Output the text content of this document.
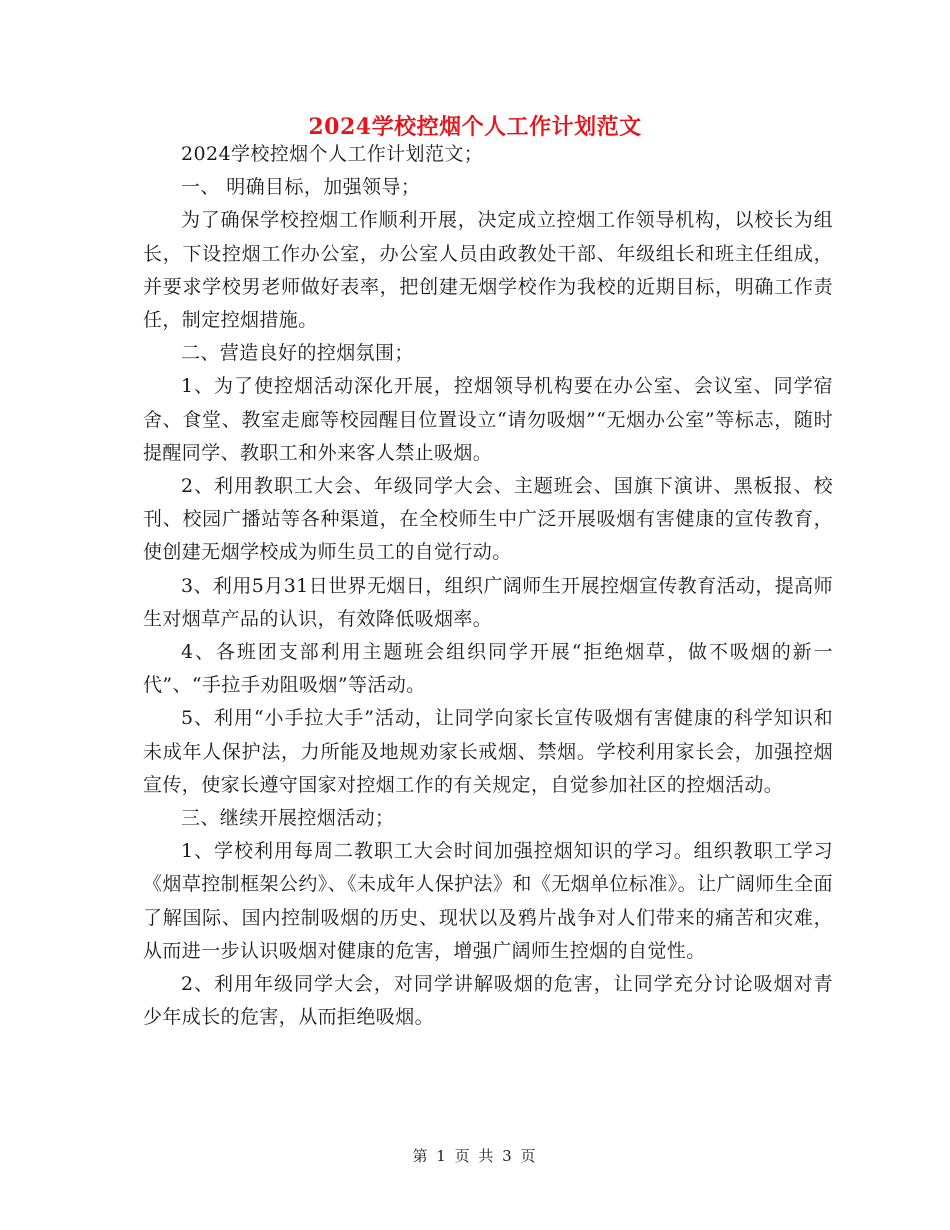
2024学校控烟个人工作计划范文

2024学校控烟个人工作计划范文；

一、 明确目标，加强领导；

为了确保学校控烟工作顺利开展，决定成立控烟工作领导机构，以校长为组长，下设控烟工作办公室，办公室人员由政教处干部、年级组长和班主任组成，并要求学校男老师做好表率，把创建无烟学校作为我校的近期目标，明确工作责任，制定控烟措施。

二、营造良好的控烟氛围；

1、为了使控烟活动深化开展，控烟领导机构要在办公室、会议室、同学宿舍、食堂、教室走廊等校园醒目位置设立“请勿吸烟”“无烟办公室”等标志，随时提醒同学、教职工和外来客人禁止吸烟。

2、利用教职工大会、年级同学大会、主题班会、国旗下演讲、黑板报、校刊、校园广播站等各种渠道，在全校师生中广泛开展吸烟有害健康的宣传教育，使创建无烟学校成为师生员工的自觉行动。

3、利用5月31日世界无烟日，组织广阔师生开展控烟宣传教育活动，提高师生对烟草产品的认识，有效降低吸烟率。

4、各班团支部利用主题班会组织同学开展“拒绝烟草，做不吸烟的新一代”、“手拉手劝阻吸烟”等活动。

5、利用“小手拉大手”活动，让同学向家长宣传吸烟有害健康的科学知识和未成年人保护法，力所能及地规劝家长戒烟、禁烟。学校利用家长会，加强控烟宣传，使家长遵守国家对控烟工作的有关规定，自觉参加社区的控烟活动。

三、继续开展控烟活动；

1、学校利用每周二教职工大会时间加强控烟知识的学习。组织教职工学习《烟草控制框架公约》、《未成年人保护法》和《无烟单位标准》。让广阔师生全面了解国际、国内控制吸烟的历史、现状以及鸦片战争对人们带来的痛苦和灾难，从而进一步认识吸烟对健康的危害，增强广阔师生控烟的自觉性。

2、利用年级同学大会，对同学讲解吸烟的危害，让同学充分讨论吸烟对青少年成长的危害，从而拒绝吸烟。

第 1 页 共 3 页
